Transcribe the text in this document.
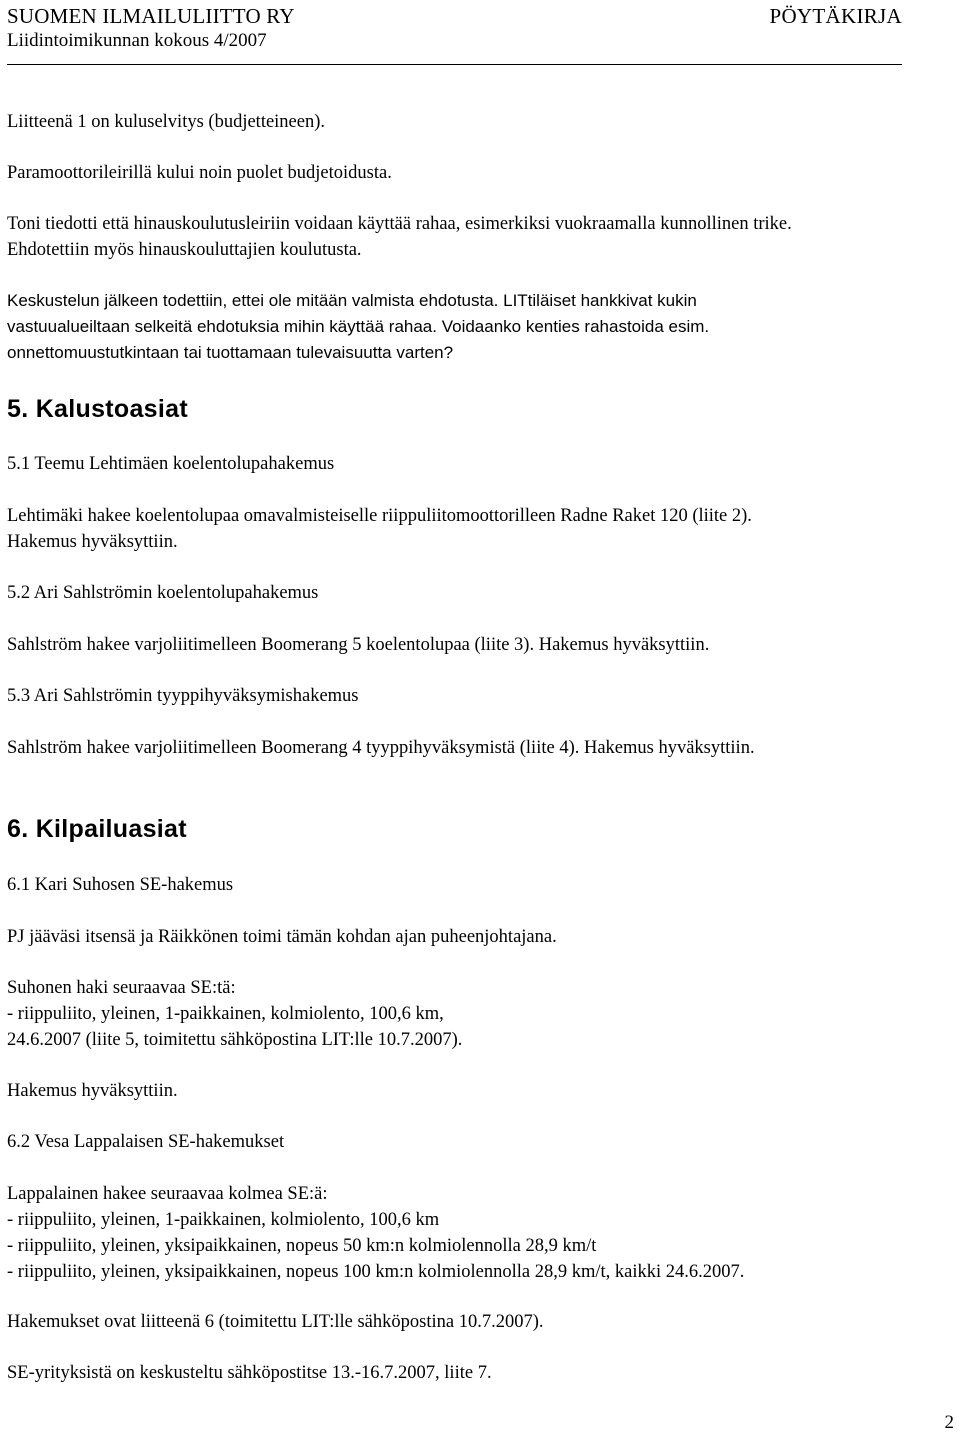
SUOMEN ILMAILULIITTO RY	PÖYTÄKIRJA
Liidintoimikunnan kokous 4/2007

Liitteenä 1 on kuluselvitys (budjetteineen).

Paramoottorileirillä kului noin puolet budjetoidusta.

Toni tiedotti että hinauskoulutusleiriin voidaan käyttää rahaa, esimerkiksi vuokraamalla kunnollinen trike.
Ehdotettiin myös hinauskouluttajien koulutusta.
Keskustelun jälkeen todettiin, ettei ole mitään valmista ehdotusta. LITtiläiset hankkivat kukin
vastuualueiltaan selkeitä ehdotuksia mihin käyttää rahaa. Voidaanko kenties rahastoida esim.
onnettomuustutkintaan tai tuottamaan tulevaisuutta varten?
5. Kalustoasiat

5.1 Teemu Lehtimäen koelentolupahakemus

Lehtimäki hakee koelentolupaa omavalmisteiselle riippuliitomoottorilleen Radne Raket 120 (liite 2).
Hakemus hyväksyttiin.

5.2 Ari Sahlströmin koelentolupahakemus

Sahlström hakee varjoliitimelleen Boomerang 5 koelentolupaa (liite 3). Hakemus hyväksyttiin.

5.3 Ari Sahlströmin tyyppihyväksymishakemus

Sahlström hakee varjoliitimelleen Boomerang 4 tyyppihyväksymistä (liite 4). Hakemus hyväksyttiin.

6. Kilpailuasiat

6.1 Kari Suhosen SE-hakemus

PJ jääväsi itsensä ja Räikkönen toimi tämän kohdan ajan puheenjohtajana.

Suhonen haki seuraavaa SE:tä:
- riippuliito, yleinen, 1-paikkainen, kolmiolento, 100,6 km,
24.6.2007 (liite 5, toimitettu sähköpostina LIT:lle 10.7.2007).

Hakemus hyväksyttiin.

6.2 Vesa Lappalaisen SE-hakemukset

Lappalainen hakee seuraavaa kolmea SE:ä:
- riippuliito, yleinen, 1-paikkainen, kolmiolento, 100,6 km
- riippuliito, yleinen, yksipaikkainen, nopeus 50 km:n kolmiolennolla 28,9 km/t
- riippuliito, yleinen, yksipaikkainen, nopeus 100 km:n kolmiolennolla 28,9 km/t, kaikki 24.6.2007.

Hakemukset ovat liitteenä 6 (toimitettu LIT:lle sähköpostina 10.7.2007).

SE-yrityksistä on keskusteltu sähköpostitse 13.-16.7.2007, liite 7.

2
